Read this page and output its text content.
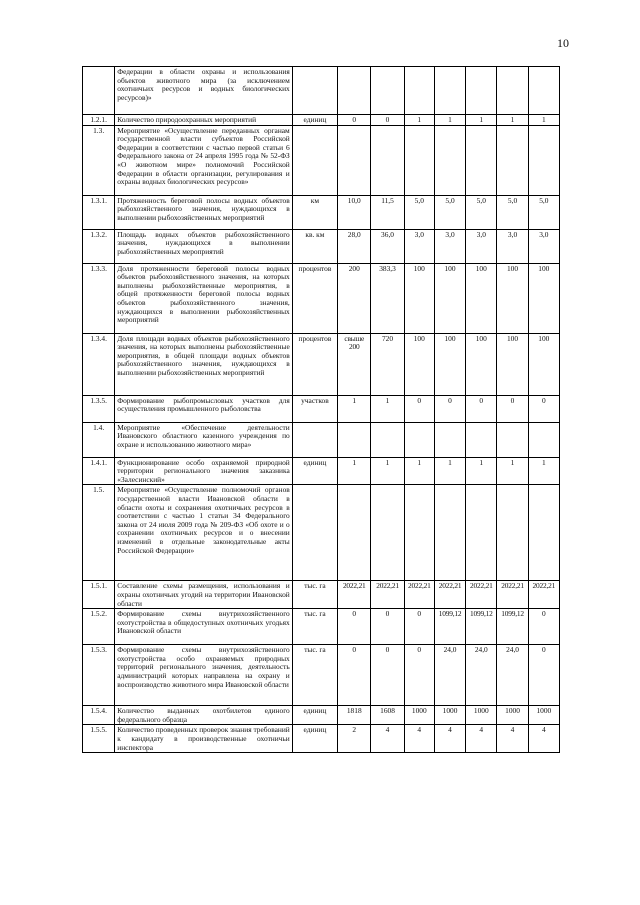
10
	Федерации в области охраны и использования объектов животного мира (за исключением охотничьих ресурсов и водных биологических ресурсов)»								
1.2.1.	Количество природоохранных мероприятий	единиц	0	0	1	1	1	1	1
1.3.	Мероприятие «Осуществление переданных органам государственной власти субъектов Российской Федерации в соответствии с частью первой статьи 6 Федерального закона от 24 апреля 1995 года № 52-ФЗ «О животном мире» полномочий Российской Федерации в области организации, регулирования и охраны водных биологических ресурсов»								
1.3.1.	Протяженность береговой полосы водных объектов рыбохозяйственного значения, нуждающихся в выполнении рыбохозяйственных мероприятий	км	10,0	11,5	5,0	5,0	5,0	5,0	5,0
1.3.2.	Площадь водных объектов рыбохозяйственного значения, нуждающихся в выполнении рыбохозяйственных мероприятий	кв. км	28,0	36,0	3,0	3,0	3,0	3,0	3,0
1.3.3.	Доля протяженности береговой полосы водных объектов рыбохозяйственного значения, на которых выполнены рыбохозяйственные мероприятия, в общей протяженности береговой полосы водных объектов рыбохозяйственного значения, нуждающихся в выполнении рыбохозяйственных мероприятий	процентов	200	383,3	100	100	100	100	100
1.3.4.	Доля площади водных объектов рыбохозяйственного значения, на которых выполнены рыбохозяйственные мероприятия, в общей площади водных объектов рыбохозяйственного значения, нуждающихся в выполнении рыбохозяйственных мероприятий	процентов	свыше 200	720	100	100	100	100	100
1.3.5.	Формирование рыбопромысловых участков для осуществления промышленного рыболовства	участков	1	1	0	0	0	0	0
1.4.	Мероприятие «Обеспечение деятельности Ивановского областного казенного учреждения по охране и использованию животного мира»								
1.4.1.	Функционирование особо охраняемой природной территории регионального значения заказника «Залесинский»	единиц	1	1	1	1	1	1	1
1.5.	Мероприятие «Осуществление полномочий органов государственной власти Ивановской области в области охоты и сохранения охотничьих ресурсов в соответствии с частью 1 статьи 34 Федерального закона от 24 июля 2009 года № 209-ФЗ «Об охоте и о сохранении охотничьих ресурсов и о внесении изменений в отдельные законодательные акты Российской Федерации»								
1.5.1.	Составление схемы размещения, использования и охраны охотничьих угодий на территории Ивановской области	тыс. га	2022,21	2022,21	2022,21	2022,21	2022,21	2022,21	2022,21
1.5.2.	Формирование схемы внутрихозяйственного охотустройства в общедоступных охотничьих угодьях Ивановской области	тыс. га	0	0	0	1099,12	1099,12	1099,12	0
1.5.3.	Формирование схемы внутрихозяйственного охотустройства особо охраняемых природных территорий регионального значения, деятельность администраций которых направлена на охрану и воспроизводство животного мира Ивановской области	тыс. га	0	0	0	24,0	24,0	24,0	0
1.5.4.	Количество выданных охотбилетов единого федерального образца	единиц	1818	1608	1000	1000	1000	1000	1000
1.5.5.	Количество проведенных проверок знания требований к кандидату в производственные охотничьи инспектора	единиц	2	4	4	4	4	4	4
